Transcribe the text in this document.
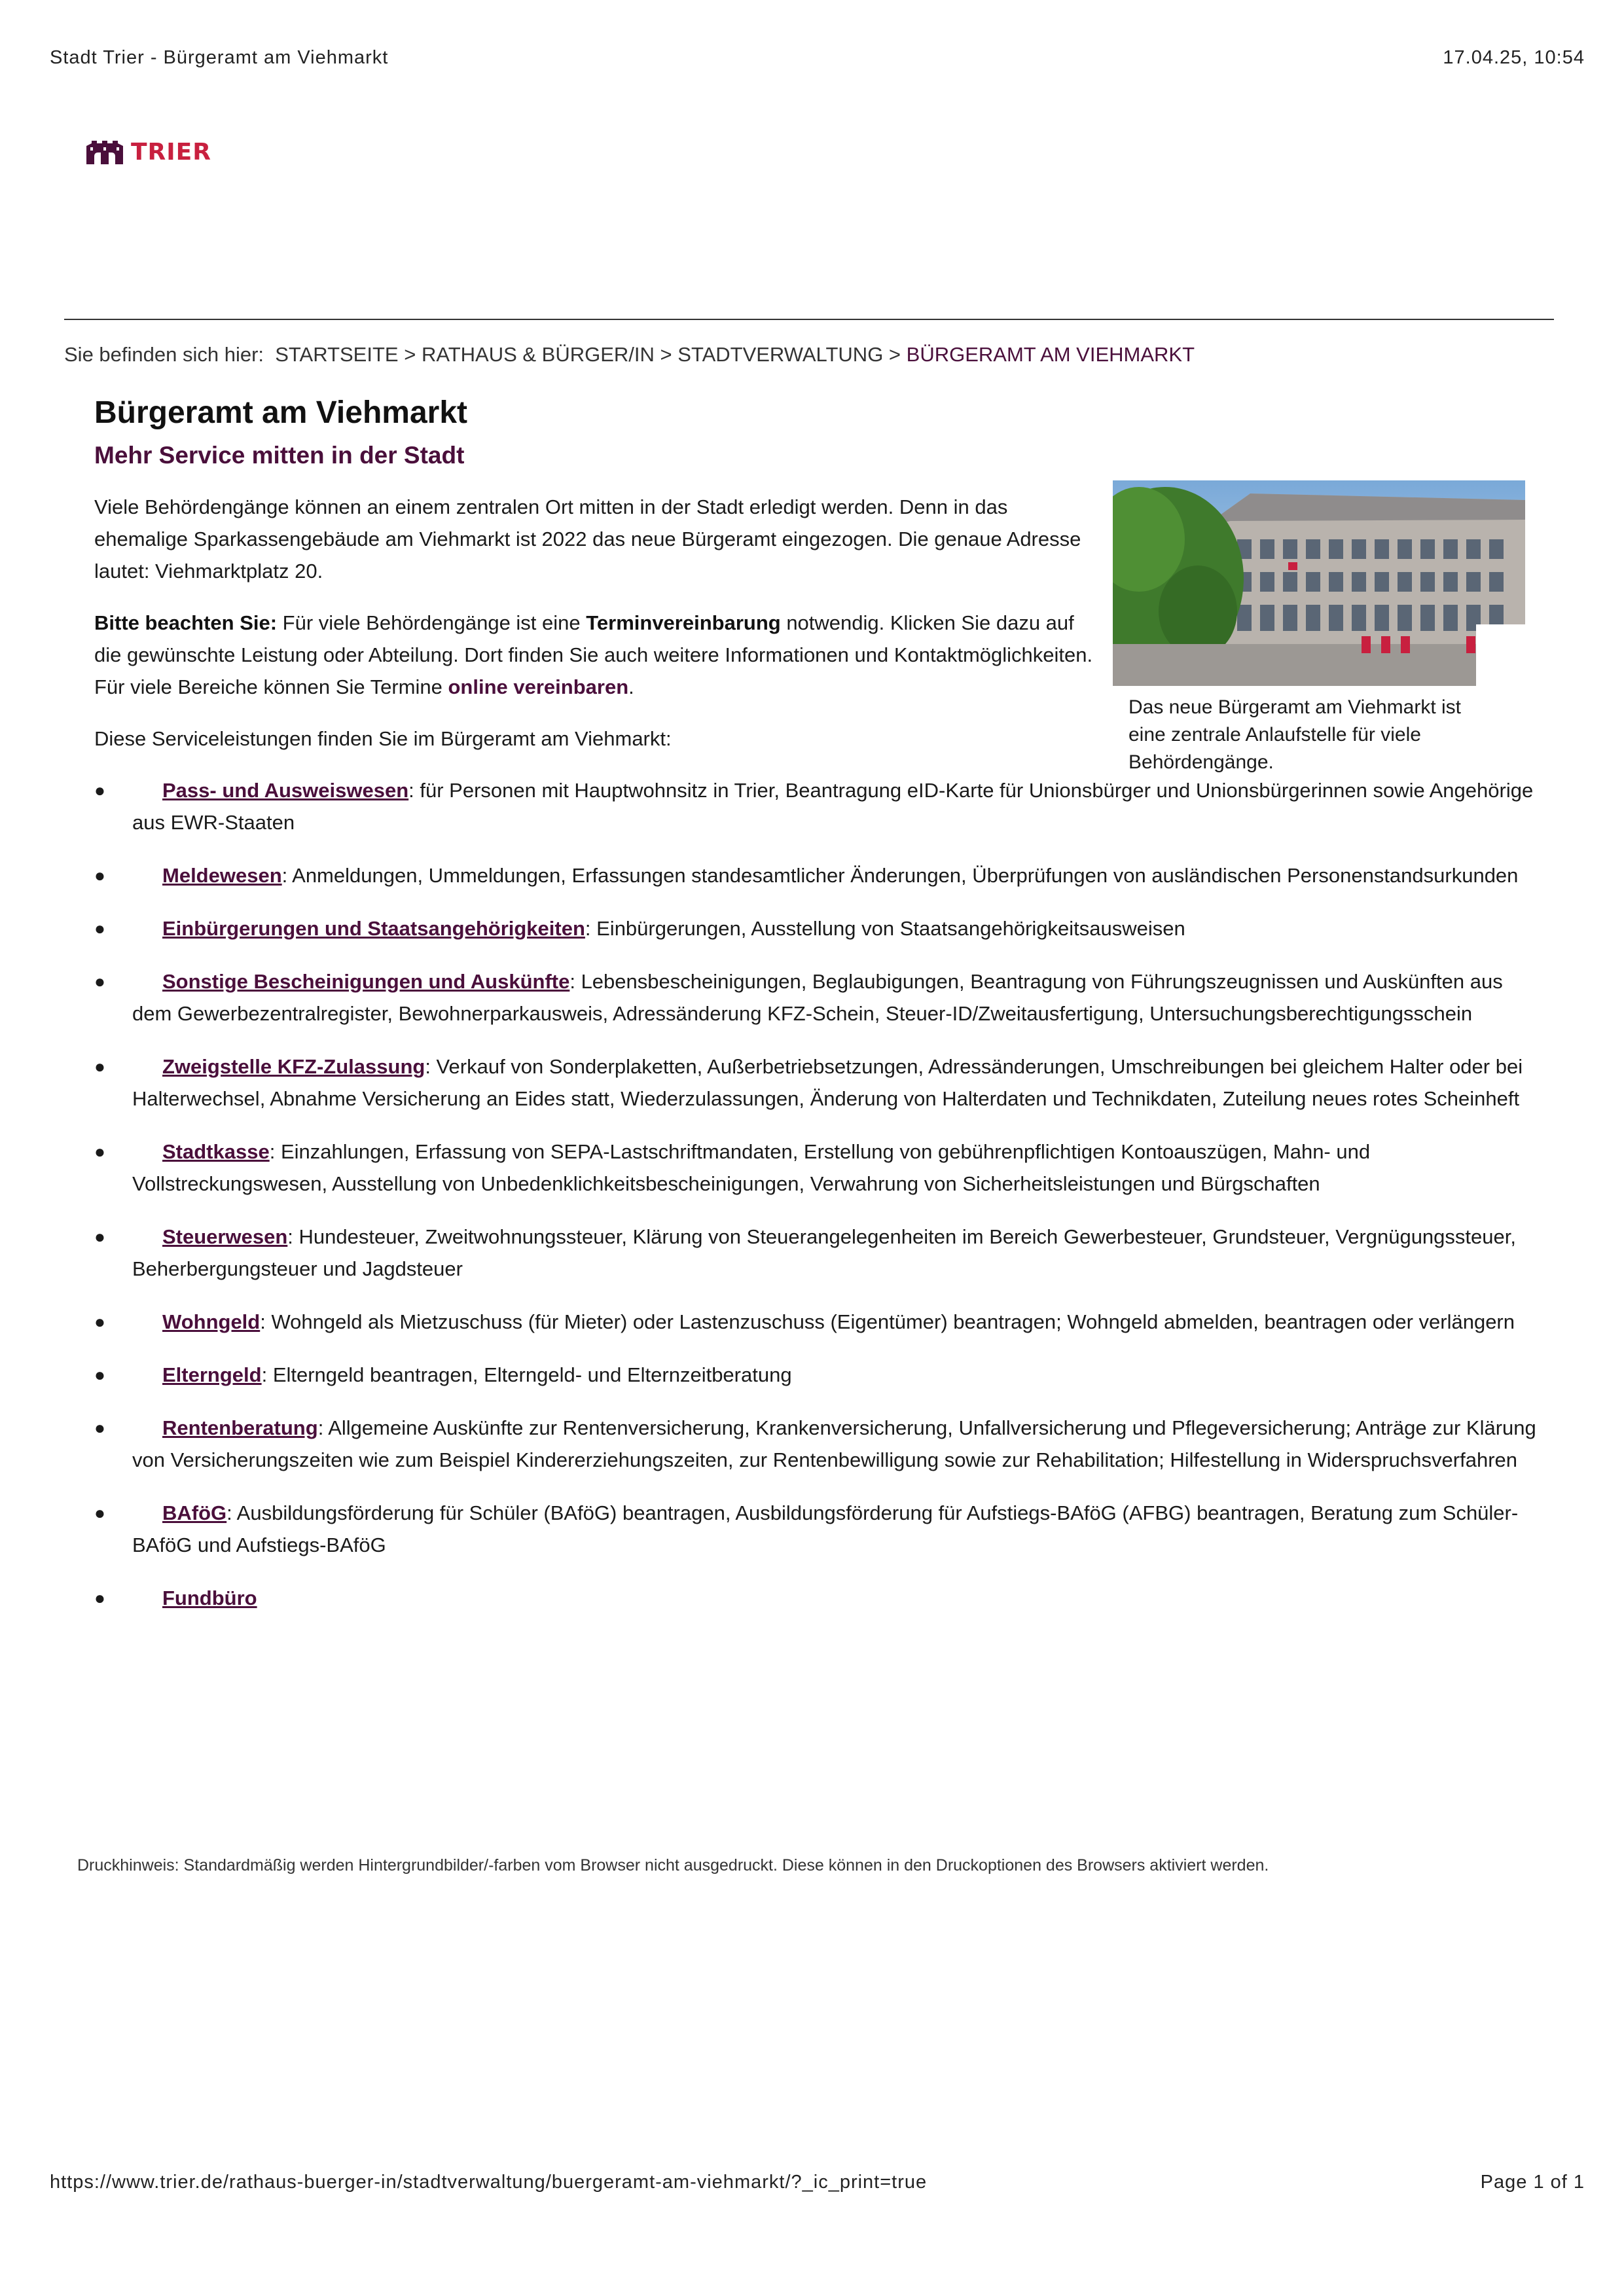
Stadt Trier - Bürgeramt am Viehmarkt	17.04.25, 10:54
TRIER
Sie befinden sich hier:  STARTSEITE > RATHAUS & BÜRGER/IN > STADTVERWALTUNG > BÜRGERAMT AM VIEHMARKT
Bürgeramt am Viehmarkt
Mehr Service mitten in der Stadt
Das neue Bürgeramt am Viehmarkt ist eine zentrale Anlaufstelle für viele Behördengänge.

Viele Behördengänge können an einem zentralen Ort mitten in der Stadt erledigt werden. Denn in das ehemalige Sparkassengebäude am Viehmarkt ist 2022 das neue Bürgeramt eingezogen. Die genaue Adresse lautet: Viehmarktplatz 20.

Bitte beachten Sie: Für viele Behördengänge ist eine Terminvereinbarung notwendig. Klicken Sie dazu auf die gewünschte Leistung oder Abteilung. Dort finden Sie auch weitere Informationen und Kontaktmöglichkeiten. Für viele Bereiche können Sie Termine online vereinbaren.

Diese Serviceleistungen finden Sie im Bürgeramt am Viehmarkt:

●	Pass- und Ausweiswesen: für Personen mit Hauptwohnsitz in Trier, Beantragung eID-Karte für Unionsbürger und Unionsbürgerinnen sowie Angehörige aus EWR-Staaten
●	Meldewesen: Anmeldungen, Ummeldungen, Erfassungen standesamtlicher Änderungen, Überprüfungen von ausländischen Personenstandsurkunden
●	Einbürgerungen und Staatsangehörigkeiten: Einbürgerungen, Ausstellung von Staatsangehörigkeitsausweisen
●	Sonstige Bescheinigungen und Auskünfte: Lebensbescheinigungen, Beglaubigungen, Beantragung von Führungszeugnissen und Auskünften aus dem Gewerbezentralregister, Bewohnerparkausweis, Adressänderung KFZ-Schein, Steuer-ID/Zweitausfertigung, Untersuchungsberechtigungsschein
●	Zweigstelle KFZ-Zulassung: Verkauf von Sonderplaketten, Außerbetriebsetzungen, Adressänderungen, Umschreibungen bei gleichem Halter oder bei Halterwechsel, Abnahme Versicherung an Eides statt, Wiederzulassungen, Änderung von Halterdaten und Technikdaten, Zuteilung neues rotes Scheinheft
●	Stadtkasse: Einzahlungen, Erfassung von SEPA-Lastschriftmandaten, Erstellung von gebührenpflichtigen Kontoauszügen, Mahn- und Vollstreckungswesen, Ausstellung von Unbedenklichkeitsbescheinigungen, Verwahrung von Sicherheitsleistungen und Bürgschaften
●	Steuerwesen: Hundesteuer, Zweitwohnungssteuer, Klärung von Steuerangelegenheiten im Bereich Gewerbesteuer, Grundsteuer, Vergnügungssteuer, Beherbergungsteuer und Jagdsteuer
●	Wohngeld: Wohngeld als Mietzuschuss (für Mieter) oder Lastenzuschuss (Eigentümer) beantragen; Wohngeld abmelden, beantragen oder verlängern
●	Elterngeld: Elterngeld beantragen, Elterngeld- und Elternzeitberatung
●	Rentenberatung: Allgemeine Auskünfte zur Rentenversicherung, Krankenversicherung, Unfallversicherung und Pflegeversicherung; Anträge zur Klärung von Versicherungszeiten wie zum Beispiel Kindererziehungszeiten, zur Rentenbewilligung sowie zur Rehabilitation; Hilfestellung in Widerspruchsverfahren
●	BAföG: Ausbildungsförderung für Schüler (BAföG) beantragen, Ausbildungsförderung für Aufstiegs-BAföG (AFBG) beantragen, Beratung zum Schüler-BAföG und Aufstiegs-BAföG
●	Fundbüro
Druckhinweis: Standardmäßig werden Hintergrundbilder/-farben vom Browser nicht ausgedruckt. Diese können in den Druckoptionen des Browsers aktiviert werden.
https://www.trier.de/rathaus-buerger-in/stadtverwaltung/buergeramt-am-viehmarkt/?_ic_print=true	Page 1 of 1
